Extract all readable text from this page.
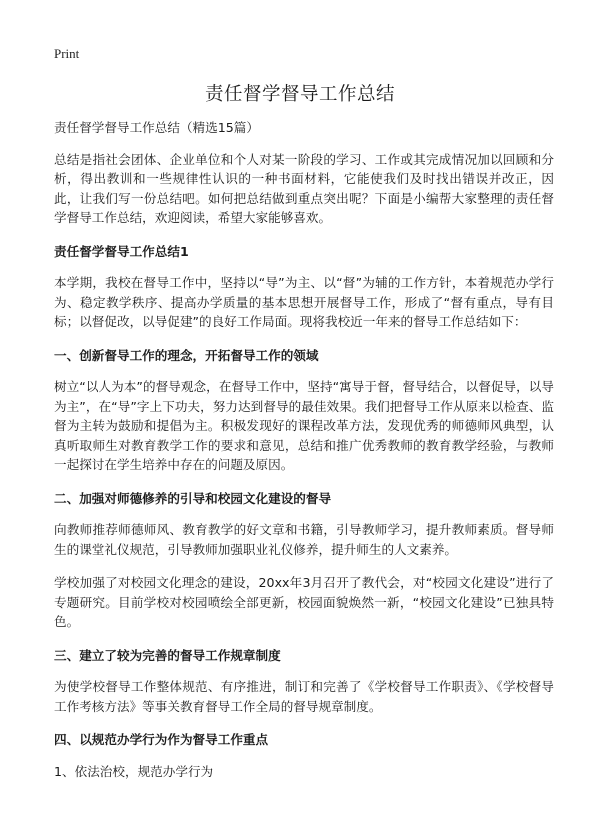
Print
责任督学督导工作总结

责任督学督导工作总结（精选15篇）

总结是指社会团体、企业单位和个人对某一阶段的学习、工作或其完成情况加以回顾和分析，得出教训和一些规律性认识的一种书面材料，它能使我们及时找出错误并改正，因此，让我们写一份总结吧。如何把总结做到重点突出呢？下面是小编帮大家整理的责任督学督导工作总结，欢迎阅读，希望大家能够喜欢。

责任督学督导工作总结1

本学期，我校在督导工作中，坚持以“导”为主、以“督”为辅的工作方针，本着规范办学行为、稳定教学秩序、提高办学质量的基本思想开展督导工作，形成了“督有重点，导有目标；以督促改，以导促建”的良好工作局面。现将我校近一年来的督导工作总结如下：

一、创新督导工作的理念，开拓督导工作的领域

树立“以人为本”的督导观念，在督导工作中，坚持“寓导于督，督导结合，以督促导，以导为主”，在“导”字上下功夫，努力达到督导的最佳效果。我们把督导工作从原来以检查、监督为主转为鼓励和提倡为主。积极发现好的课程改革方法，发现优秀的师德师风典型，认真听取师生对教育教学工作的要求和意见，总结和推广优秀教师的教育教学经验，与教师一起探讨在学生培养中存在的问题及原因。

二、加强对师德修养的引导和校园文化建设的督导

向教师推荐师德师风、教育教学的好文章和书籍，引导教师学习，提升教师素质。督导师生的课堂礼仪规范，引导教师加强职业礼仪修养，提升师生的人文素养。

学校加强了对校园文化理念的建设，20xx年3月召开了教代会，对“校园文化建设”进行了专题研究。目前学校对校园喷绘全部更新，校园面貌焕然一新，“校园文化建设”已独具特色。

三、建立了较为完善的督导工作规章制度

为使学校督导工作整体规范、有序推进，制订和完善了《学校督导工作职责》、《学校督导工作考核方法》等事关教育督导工作全局的督导规章制度。

四、以规范办学行为作为督导工作重点

1、依法治校，规范办学行为
